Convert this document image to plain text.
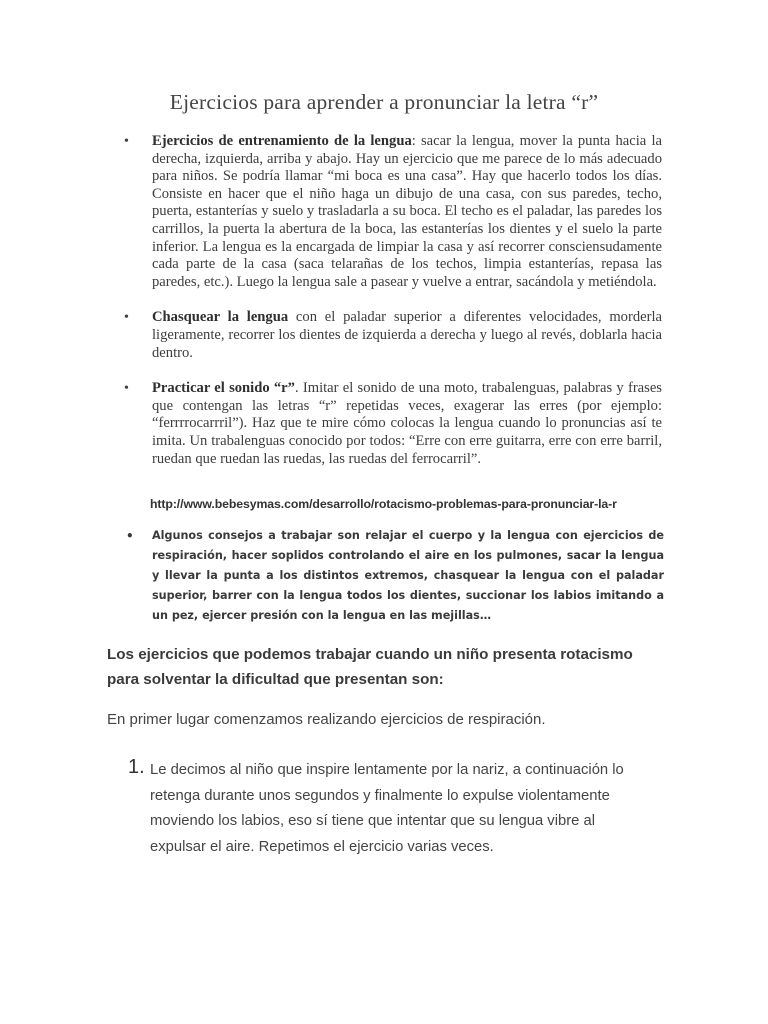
Ejercicios para aprender a pronunciar la letra “r”
• Ejercicios de entrenamiento de la lengua: sacar la lengua, mover la punta hacia la derecha, izquierda, arriba y abajo. Hay un ejercicio que me parece de lo más adecuado para niños. Se podría llamar “mi boca es una casa”. Hay que hacerlo todos los días. Consiste en hacer que el niño haga un dibujo de una casa, con sus paredes, techo, puerta, estanterías y suelo y trasladarla a su boca. El techo es el paladar, las paredes los carrillos, la puerta la abertura de la boca, las estanterías los dientes y el suelo la parte inferior. La lengua es la encargada de limpiar la casa y así recorrer consciensudamente cada parte de la casa (saca telarañas de los techos, limpia estanterías, repasa las paredes, etc.). Luego la lengua sale a pasear y vuelve a entrar, sacándola y metiéndola.
• Chasquear la lengua con el paladar superior a diferentes velocidades, morderla ligeramente, recorrer los dientes de izquierda a derecha y luego al revés, doblarla hacia dentro.
• Practicar el sonido “r”. Imitar el sonido de una moto, trabalenguas, palabras y frases que contengan las letras “r” repetidas veces, exagerar las erres (por ejemplo: “ferrrrocarrril”). Haz que te mire cómo colocas la lengua cuando lo pronuncias así te imita. Un trabalenguas conocido por todos: “Erre con erre guitarra, erre con erre barril, ruedan que ruedan las ruedas, las ruedas del ferrocarril”.
http://www.bebesymas.com/desarrollo/rotacismo-problemas-para-pronunciar-la-r
• Algunos consejos a trabajar son relajar el cuerpo y la lengua con ejercicios de respiración, hacer soplidos controlando el aire en los pulmones, sacar la lengua y llevar la punta a los distintos extremos, chasquear la lengua con el paladar superior, barrer con la lengua todos los dientes, succionar los labios imitando a un pez, ejercer presión con la lengua en las mejillas…

Los ejercicios que podemos trabajar cuando un niño presenta rotacismo para solventar la dificultad que presentan son:

En primer lugar comenzamos realizando ejercicios de respiración.

1. Le decimos al niño que inspire lentamente por la nariz, a continuación lo retenga durante unos segundos y finalmente lo expulse violentamente moviendo los labios, eso sí tiene que intentar que su lengua vibre al expulsar el aire. Repetimos el ejercicio varias veces.
